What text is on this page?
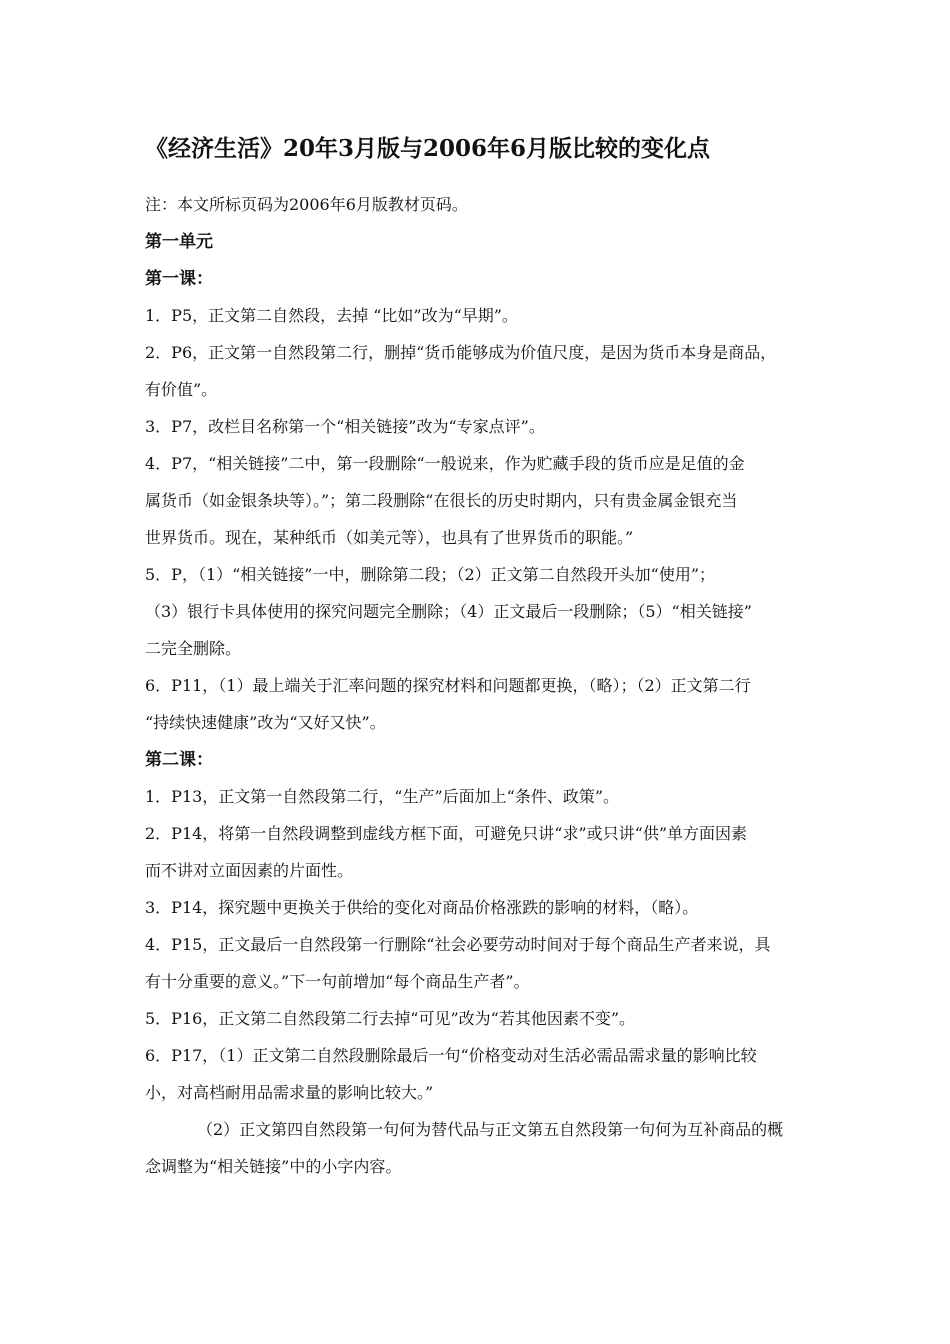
《经济生活》20年3月版与2006年6月版比较的变化点
注：本文所标页码为2006年6月版教材页码。
第一单元
第一课：
1．P5，正文第二自然段，去掉 “比如”改为“早期”。
2．P6，正文第一自然段第二行，删掉“货币能够成为价值尺度，是因为货币本身是商品，
有价值”。
3．P7，改栏目名称第一个“相关链接”改为“专家点评”。
4．P7，“相关链接”二中，第一段删除“一般说来，作为贮藏手段的货币应是足值的金
属货币（如金银条块等）。”；第二段删除“在很长的历史时期内，只有贵金属金银充当
世界货币。现在，某种纸币（如美元等），也具有了世界货币的职能。”
5．P，（1）“相关链接”一中，删除第二段；（2）正文第二自然段开头加“使用”；
（3）银行卡具体使用的探究问题完全删除；（4）正文最后一段删除；（5）“相关链接”
二完全删除。
6．P11，（1）最上端关于汇率问题的探究材料和问题都更换，（略）；（2）正文第二行
“持续快速健康”改为“又好又快”。
第二课：
1．P13，正文第一自然段第二行，“生产”后面加上“条件、政策”。
2．P14，将第一自然段调整到虚线方框下面，可避免只讲“求”或只讲“供”单方面因素
而不讲对立面因素的片面性。
3．P14，探究题中更换关于供给的变化对商品价格涨跌的影响的材料，（略）。
4．P15，正文最后一自然段第一行删除“社会必要劳动时间对于每个商品生产者来说，具
有十分重要的意义。”下一句前增加“每个商品生产者”。
5．P16，正文第二自然段第二行去掉“可见”改为“若其他因素不变”。
6．P17，（1）正文第二自然段删除最后一句“价格变动对生活必需品需求量的影响比较
小，对高档耐用品需求量的影响比较大。”
（2）正文第四自然段第一句何为替代品与正文第五自然段第一句何为互补商品的概
念调整为“相关链接”中的小字内容。
